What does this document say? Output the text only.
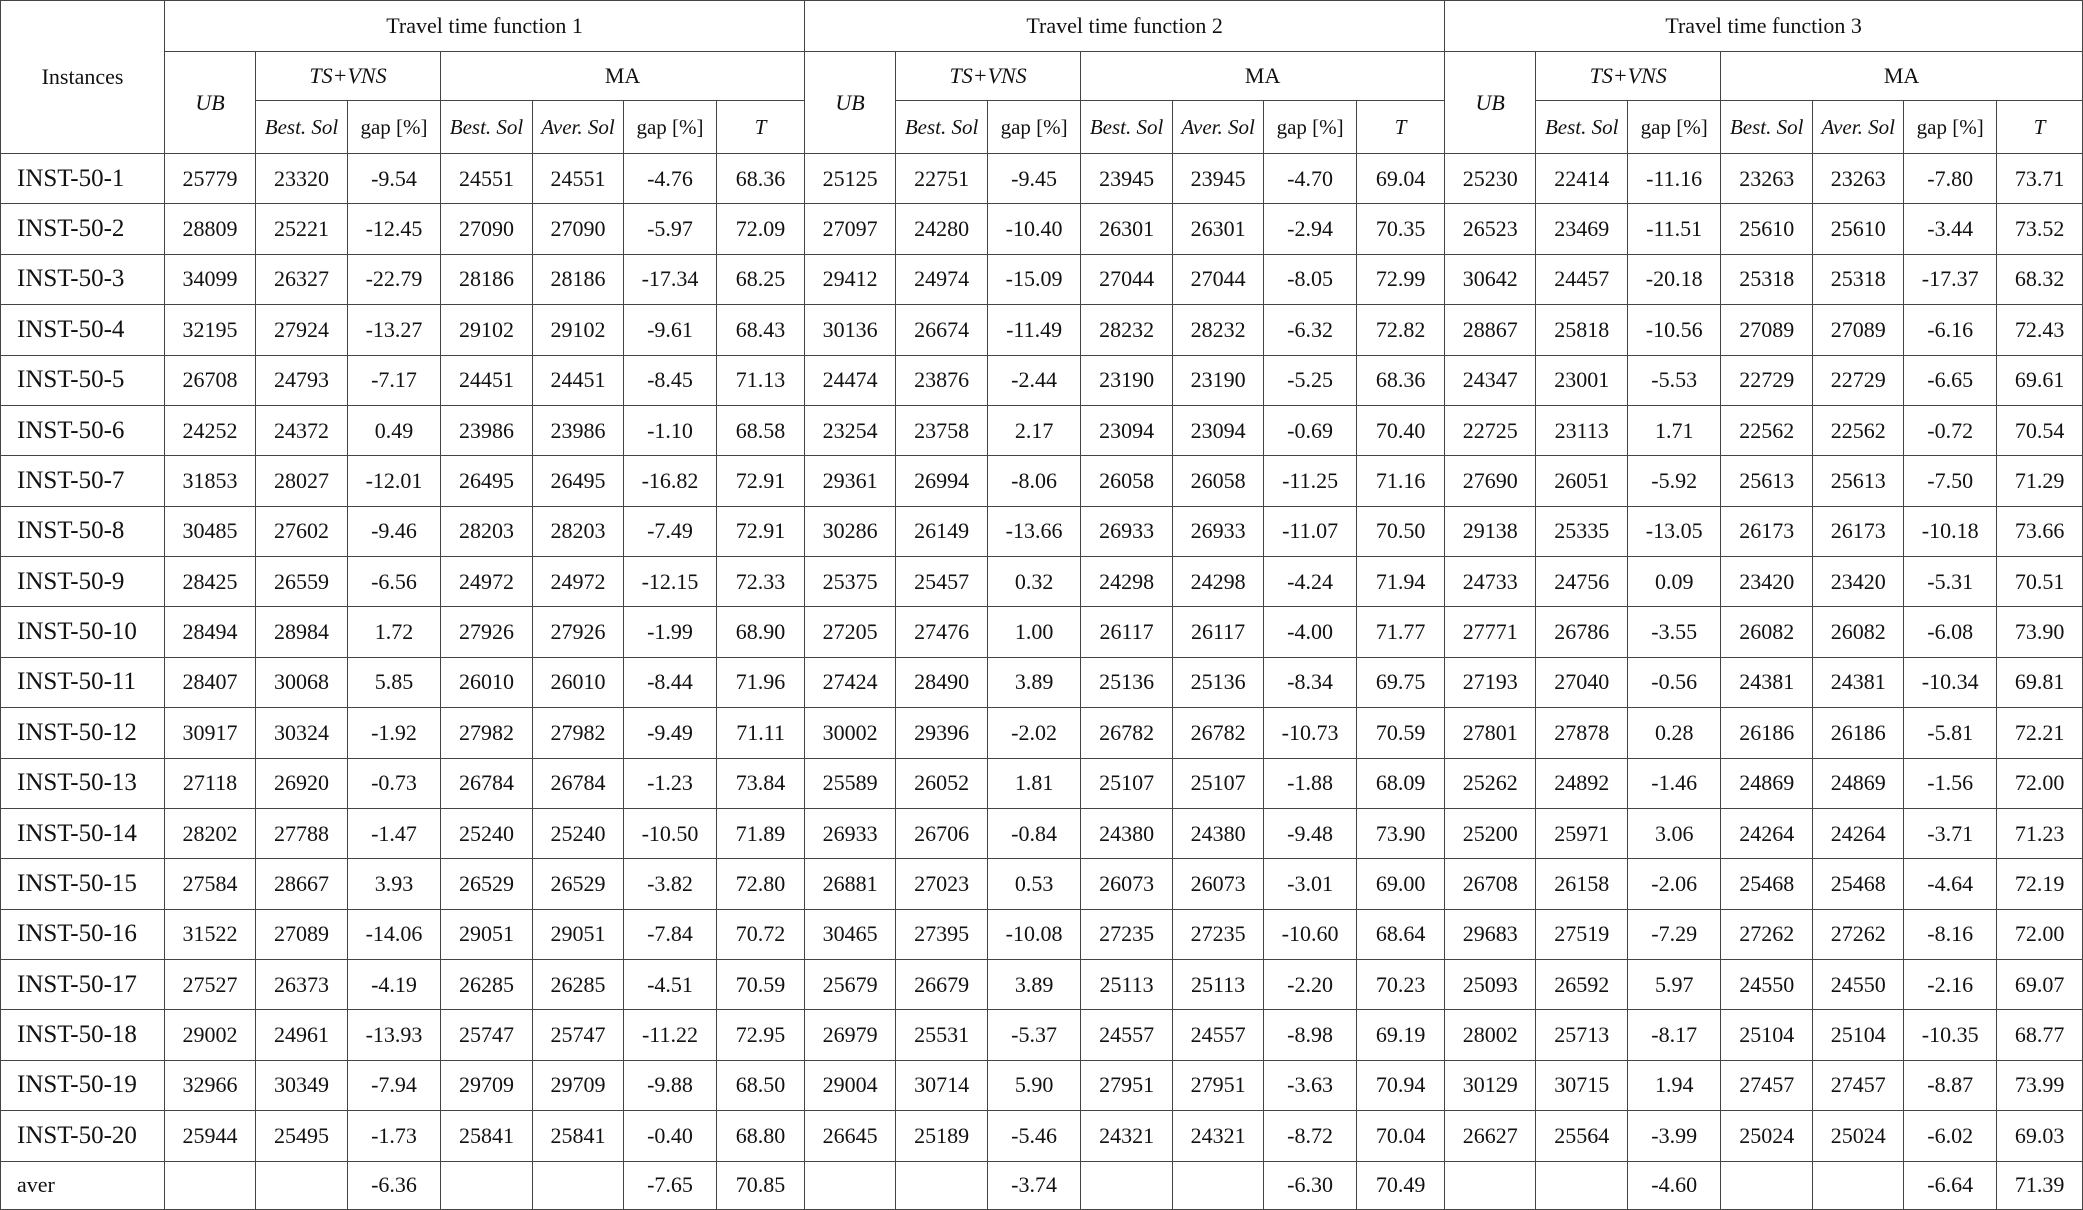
Instances	Travel time function 1							Travel time function 2							Travel time function 3						
	UB	TS+VNS		MA				UB	TS+VNS		MA				UB	TS+VNS		MA			
		Best. Sol	gap [%]	Best. Sol	Aver. Sol	gap [%]	T		Best. Sol	gap [%]	Best. Sol	Aver. Sol	gap [%]	T		Best. Sol	gap [%]	Best. Sol	Aver. Sol	gap [%]	T
INST-50-1	25779	23320	-9.54	24551	24551	-4.76	68.36	25125	22751	-9.45	23945	23945	-4.70	69.04	25230	22414	-11.16	23263	23263	-7.80	73.71
INST-50-2	28809	25221	-12.45	27090	27090	-5.97	72.09	27097	24280	-10.40	26301	26301	-2.94	70.35	26523	23469	-11.51	25610	25610	-3.44	73.52
INST-50-3	34099	26327	-22.79	28186	28186	-17.34	68.25	29412	24974	-15.09	27044	27044	-8.05	72.99	30642	24457	-20.18	25318	25318	-17.37	68.32
INST-50-4	32195	27924	-13.27	29102	29102	-9.61	68.43	30136	26674	-11.49	28232	28232	-6.32	72.82	28867	25818	-10.56	27089	27089	-6.16	72.43
INST-50-5	26708	24793	-7.17	24451	24451	-8.45	71.13	24474	23876	-2.44	23190	23190	-5.25	68.36	24347	23001	-5.53	22729	22729	-6.65	69.61
INST-50-6	24252	24372	0.49	23986	23986	-1.10	68.58	23254	23758	2.17	23094	23094	-0.69	70.40	22725	23113	1.71	22562	22562	-0.72	70.54
INST-50-7	31853	28027	-12.01	26495	26495	-16.82	72.91	29361	26994	-8.06	26058	26058	-11.25	71.16	27690	26051	-5.92	25613	25613	-7.50	71.29
INST-50-8	30485	27602	-9.46	28203	28203	-7.49	72.91	30286	26149	-13.66	26933	26933	-11.07	70.50	29138	25335	-13.05	26173	26173	-10.18	73.66
INST-50-9	28425	26559	-6.56	24972	24972	-12.15	72.33	25375	25457	0.32	24298	24298	-4.24	71.94	24733	24756	0.09	23420	23420	-5.31	70.51
INST-50-10	28494	28984	1.72	27926	27926	-1.99	68.90	27205	27476	1.00	26117	26117	-4.00	71.77	27771	26786	-3.55	26082	26082	-6.08	73.90
INST-50-11	28407	30068	5.85	26010	26010	-8.44	71.96	27424	28490	3.89	25136	25136	-8.34	69.75	27193	27040	-0.56	24381	24381	-10.34	69.81
INST-50-12	30917	30324	-1.92	27982	27982	-9.49	71.11	30002	29396	-2.02	26782	26782	-10.73	70.59	27801	27878	0.28	26186	26186	-5.81	72.21
INST-50-13	27118	26920	-0.73	26784	26784	-1.23	73.84	25589	26052	1.81	25107	25107	-1.88	68.09	25262	24892	-1.46	24869	24869	-1.56	72.00
INST-50-14	28202	27788	-1.47	25240	25240	-10.50	71.89	26933	26706	-0.84	24380	24380	-9.48	73.90	25200	25971	3.06	24264	24264	-3.71	71.23
INST-50-15	27584	28667	3.93	26529	26529	-3.82	72.80	26881	27023	0.53	26073	26073	-3.01	69.00	26708	26158	-2.06	25468	25468	-4.64	72.19
INST-50-16	31522	27089	-14.06	29051	29051	-7.84	70.72	30465	27395	-10.08	27235	27235	-10.60	68.64	29683	27519	-7.29	27262	27262	-8.16	72.00
INST-50-17	27527	26373	-4.19	26285	26285	-4.51	70.59	25679	26679	3.89	25113	25113	-2.20	70.23	25093	26592	5.97	24550	24550	-2.16	69.07
INST-50-18	29002	24961	-13.93	25747	25747	-11.22	72.95	26979	25531	-5.37	24557	24557	-8.98	69.19	28002	25713	-8.17	25104	25104	-10.35	68.77
INST-50-19	32966	30349	-7.94	29709	29709	-9.88	68.50	29004	30714	5.90	27951	27951	-3.63	70.94	30129	30715	1.94	27457	27457	-8.87	73.99
INST-50-20	25944	25495	-1.73	25841	25841	-0.40	68.80	26645	25189	-5.46	24321	24321	-8.72	70.04	26627	25564	-3.99	25024	25024	-6.02	69.03
aver			-6.36			-7.65	70.85			-3.74			-6.30	70.49			-4.60			-6.64	71.39
